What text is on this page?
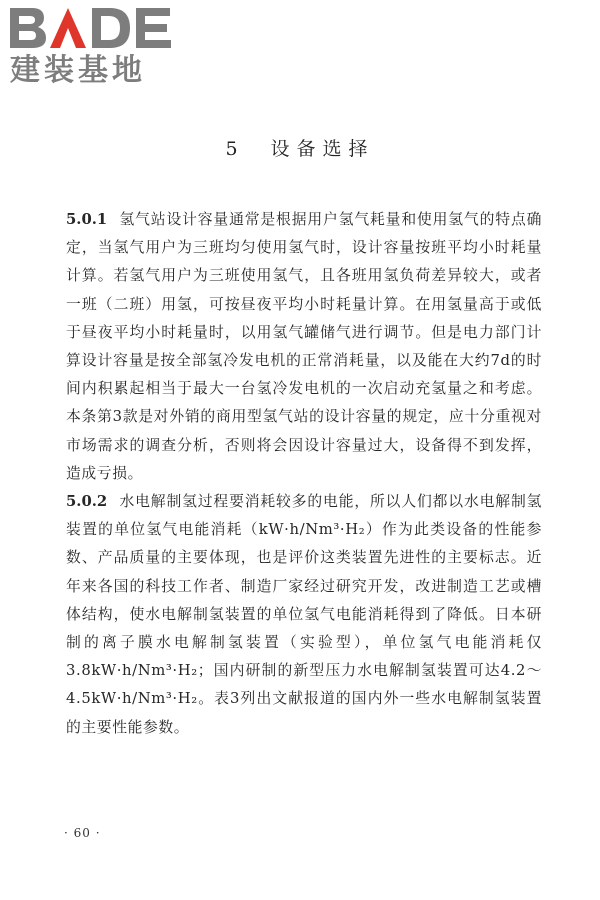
建装基地
5　设备选择

5.0.1 氢气站设计容量通常是根据用户氢气耗量和使用氢气的特点确定，当氢气用户为三班均匀使用氢气时，设计容量按班平均小时耗量计算。若氢气用户为三班使用氢气，且各班用氢负荷差异较大，或者一班（二班）用氢，可按昼夜平均小时耗量计算。在用氢量高于或低于昼夜平均小时耗量时，以用氢气罐储气进行调节。但是电力部门计算设计容量是按全部氢冷发电机的正常消耗量，以及能在大约7d的时间内积累起相当于最大一台氢冷发电机的一次启动充氢量之和考虑。本条第3款是对外销的商用型氢气站的设计容量的规定，应十分重视对市场需求的调查分析，否则将会因设计容量过大，设备得不到发挥，造成亏损。

5.0.2 水电解制氢过程要消耗较多的电能，所以人们都以水电解制氢装置的单位氢气电能消耗（kW·h/Nm³·H₂）作为此类设备的性能参数、产品质量的主要体现，也是评价这类装置先进性的主要标志。近年来各国的科技工作者、制造厂家经过研究开发，改进制造工艺或槽体结构，使水电解制氢装置的单位氢气电能消耗得到了降低。日本研制的离子膜水电解制氢装置（实验型），单位氢气电能消耗仅3.8kW·h/Nm³·H₂；国内研制的新型压力水电解制氢装置可达4.2～4.5kW·h/Nm³·H₂。表3列出文献报道的国内外一些水电解制氢装置的主要性能参数。

· 60 ·
